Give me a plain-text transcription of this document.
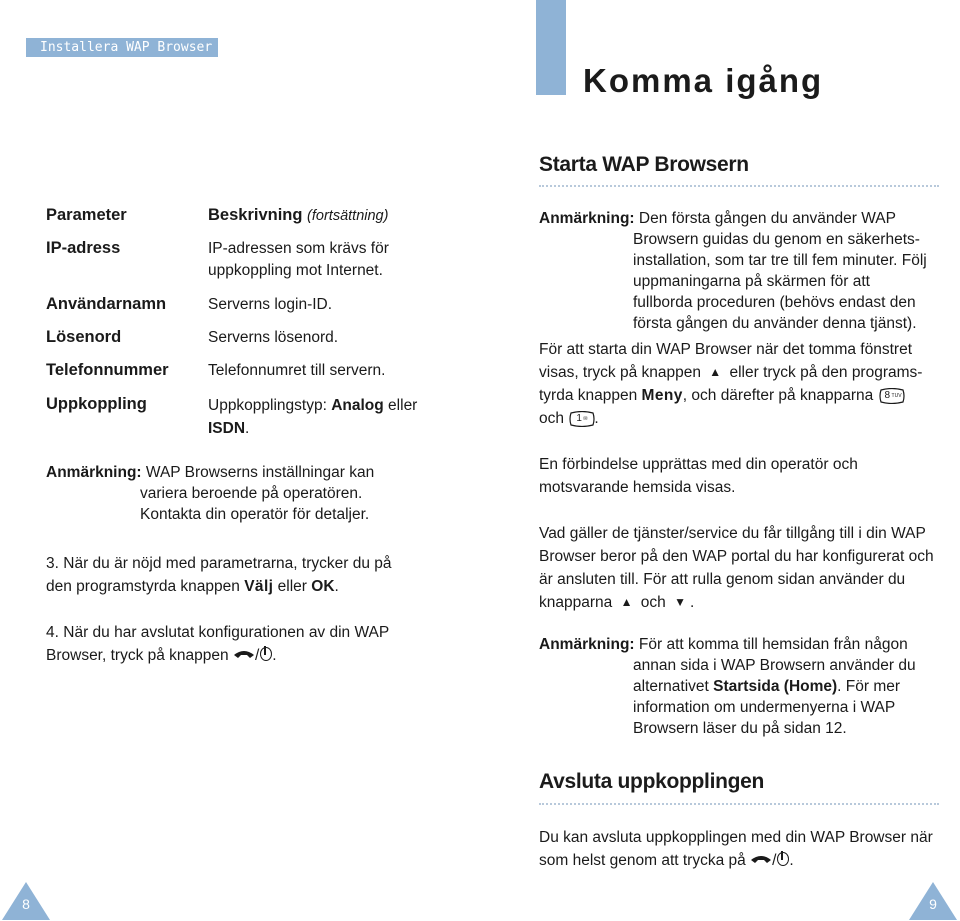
Installera WAP Browser
Komma igång
Parameter	Beskrivning (fortsättning)
IP-adress	IP-adressen som krävs för uppkoppling mot Internet.
Användarnamn	Serverns login-ID.
Lösenord	Serverns lösenord.
Telefonnummer	Telefonnumret till servern.
Uppkoppling	Uppkopplingstyp: Analog eller ISDN.
Anmärkning: WAP Browserns inställningar kan
variera beroende på operatören. Kontakta din operatör för detaljer.
3. När du är nöjd med parametrarna, trycker du på den programstyrda knappen Välj eller OK.
4. När du har avslutat konfigurationen av din WAP Browser, tryck på knappen
/ .
Starta WAP Browsern
Anmärkning: Den första gången du använder WAP
Browsern guidas du genom en säkerhets-installation, som tar tre till fem minuter. Följ uppmaningarna på skärmen för att fullborda proceduren (behövs endast den första gången du använder denna tjänst).
För att starta din WAP Browser när det tomma fönstret visas, tryck på knappen ▲ eller tryck på den programs-tyrda knappen Meny, och därefter på knapparna 8 TUV

och 1 ✉ .
En förbindelse upprättas med din operatör och motsvarande hemsida visas.
Vad gäller de tjänster/service du får tillgång till i din WAP Browser beror på den WAP portal du har konfigurerat och är ansluten till. För att rulla genom sidan använder du knapparna ▲ och ▼ .
Anmärkning: För att komma till hemsidan från någon
annan sida i WAP Browsern använder du alternativet Startsida (Home). För mer information om undermenyerna i WAP Browsern läser du på sidan 12.
Avsluta uppkopplingen
Du kan avsluta uppkopplingen med din WAP Browser när som helst genom att trycka på
/ .
8	9
